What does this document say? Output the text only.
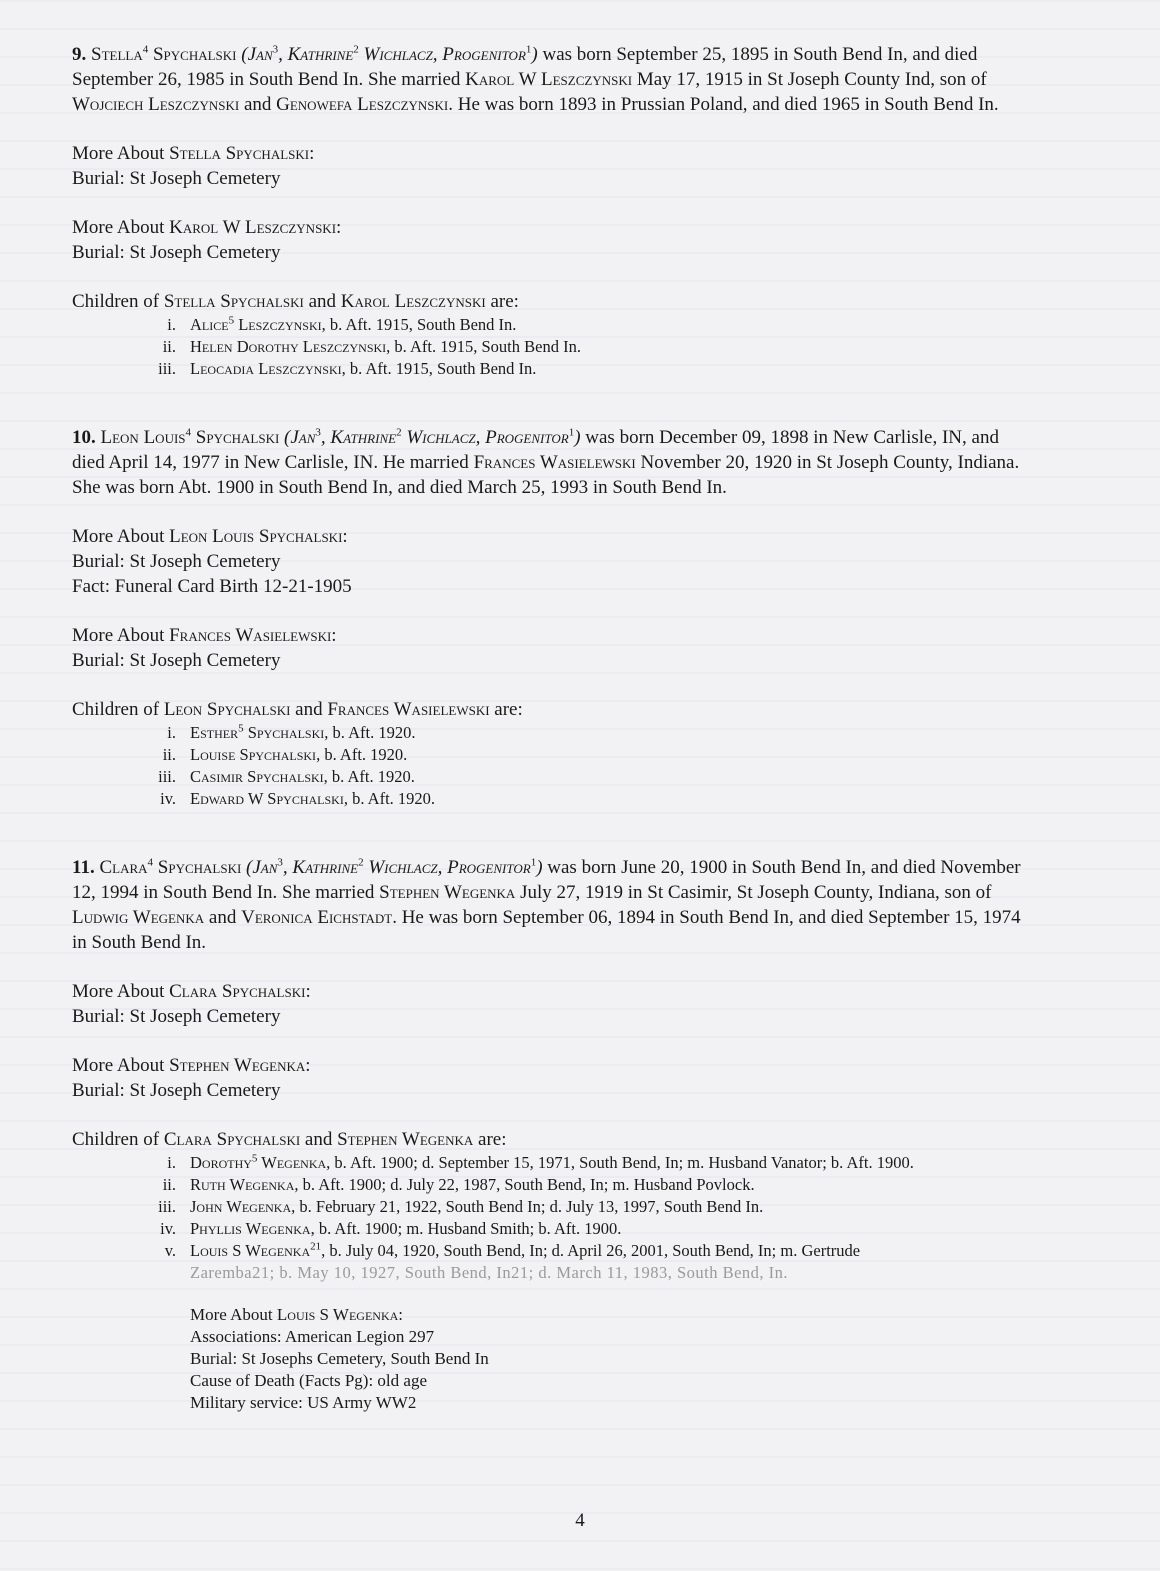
9. Stella$^4$ Spychalski (Jan$^3$, Kathrine$^2$ Wichlacz, Progenitor$^1$) was born September 25, 1895 in South Bend In, and died September 26, 1985 in South Bend In. She married Karol W Leszczynski May 17, 1915 in St Joseph County Ind, son of Wojciech Leszczynski and Genowefa Leszczynski. He was born 1893 in Prussian Poland, and died 1965 in South Bend In.

More About Stella Spychalski:

Burial: St Joseph Cemetery

More About Karol W Leszczynski:

Burial: St Joseph Cemetery

Children of Stella Spychalski and Karol Leszczynski are:

i. Alice$^5$ Leszczynski, b. Aft. 1915, South Bend In.
ii. Helen Dorothy Leszczynski, b. Aft. 1915, South Bend In.
iii. Leocadia Leszczynski, b. Aft. 1915, South Bend In.

10. Leon Louis$^4$ Spychalski (Jan$^3$, Kathrine$^2$ Wichlacz, Progenitor$^1$) was born December 09, 1898 in New Carlisle, IN, and died April 14, 1977 in New Carlisle, IN. He married Frances Wasielewski November 20, 1920 in St Joseph County, Indiana. She was born Abt. 1900 in South Bend In, and died March 25, 1993 in South Bend In.

More About Leon Louis Spychalski:

Burial: St Joseph Cemetery

Fact: Funeral Card Birth 12-21-1905

More About Frances Wasielewski:

Burial: St Joseph Cemetery

Children of Leon Spychalski and Frances Wasielewski are:

i. Esther$^5$ Spychalski, b. Aft. 1920.
ii. Louise Spychalski, b. Aft. 1920.
iii. Casimir Spychalski, b. Aft. 1920.
iv. Edward W Spychalski, b. Aft. 1920.

11. Clara$^4$ Spychalski (Jan$^3$, Kathrine$^2$ Wichlacz, Progenitor$^1$) was born June 20, 1900 in South Bend In, and died November 12, 1994 in South Bend In. She married Stephen Wegenka July 27, 1919 in St Casimir, St Joseph County, Indiana, son of Ludwig Wegenka and Veronica Eichstadt. He was born September 06, 1894 in South Bend In, and died September 15, 1974 in South Bend In.

More About Clara Spychalski:

Burial: St Joseph Cemetery

More About Stephen Wegenka:

Burial: St Joseph Cemetery

Children of Clara Spychalski and Stephen Wegenka are:

i. Dorothy$^5$ Wegenka, b. Aft. 1900; d. September 15, 1971, South Bend, In; m. Husband Vanator; b. Aft. 1900.
ii. Ruth Wegenka, b. Aft. 1900; d. July 22, 1987, South Bend, In; m. Husband Povlock.
iii. John Wegenka, b. February 21, 1922, South Bend In; d. July 13, 1997, South Bend In.
iv. Phyllis Wegenka, b. Aft. 1900; m. Husband Smith; b. Aft. 1900.
v. Louis S Wegenka$^{21}$, b. July 04, 1920, South Bend, In; d. April 26, 2001, South Bend, In; m. Gertrude
Zaremba21; b. May 10, 1927, South Bend, In21; d. March 11, 1983, South Bend, In.

More About Louis S Wegenka:

Associations: American Legion 297

Burial: St Josephs Cemetery, South Bend In

Cause of Death (Facts Pg): old age

Military service: US Army WW2

4
